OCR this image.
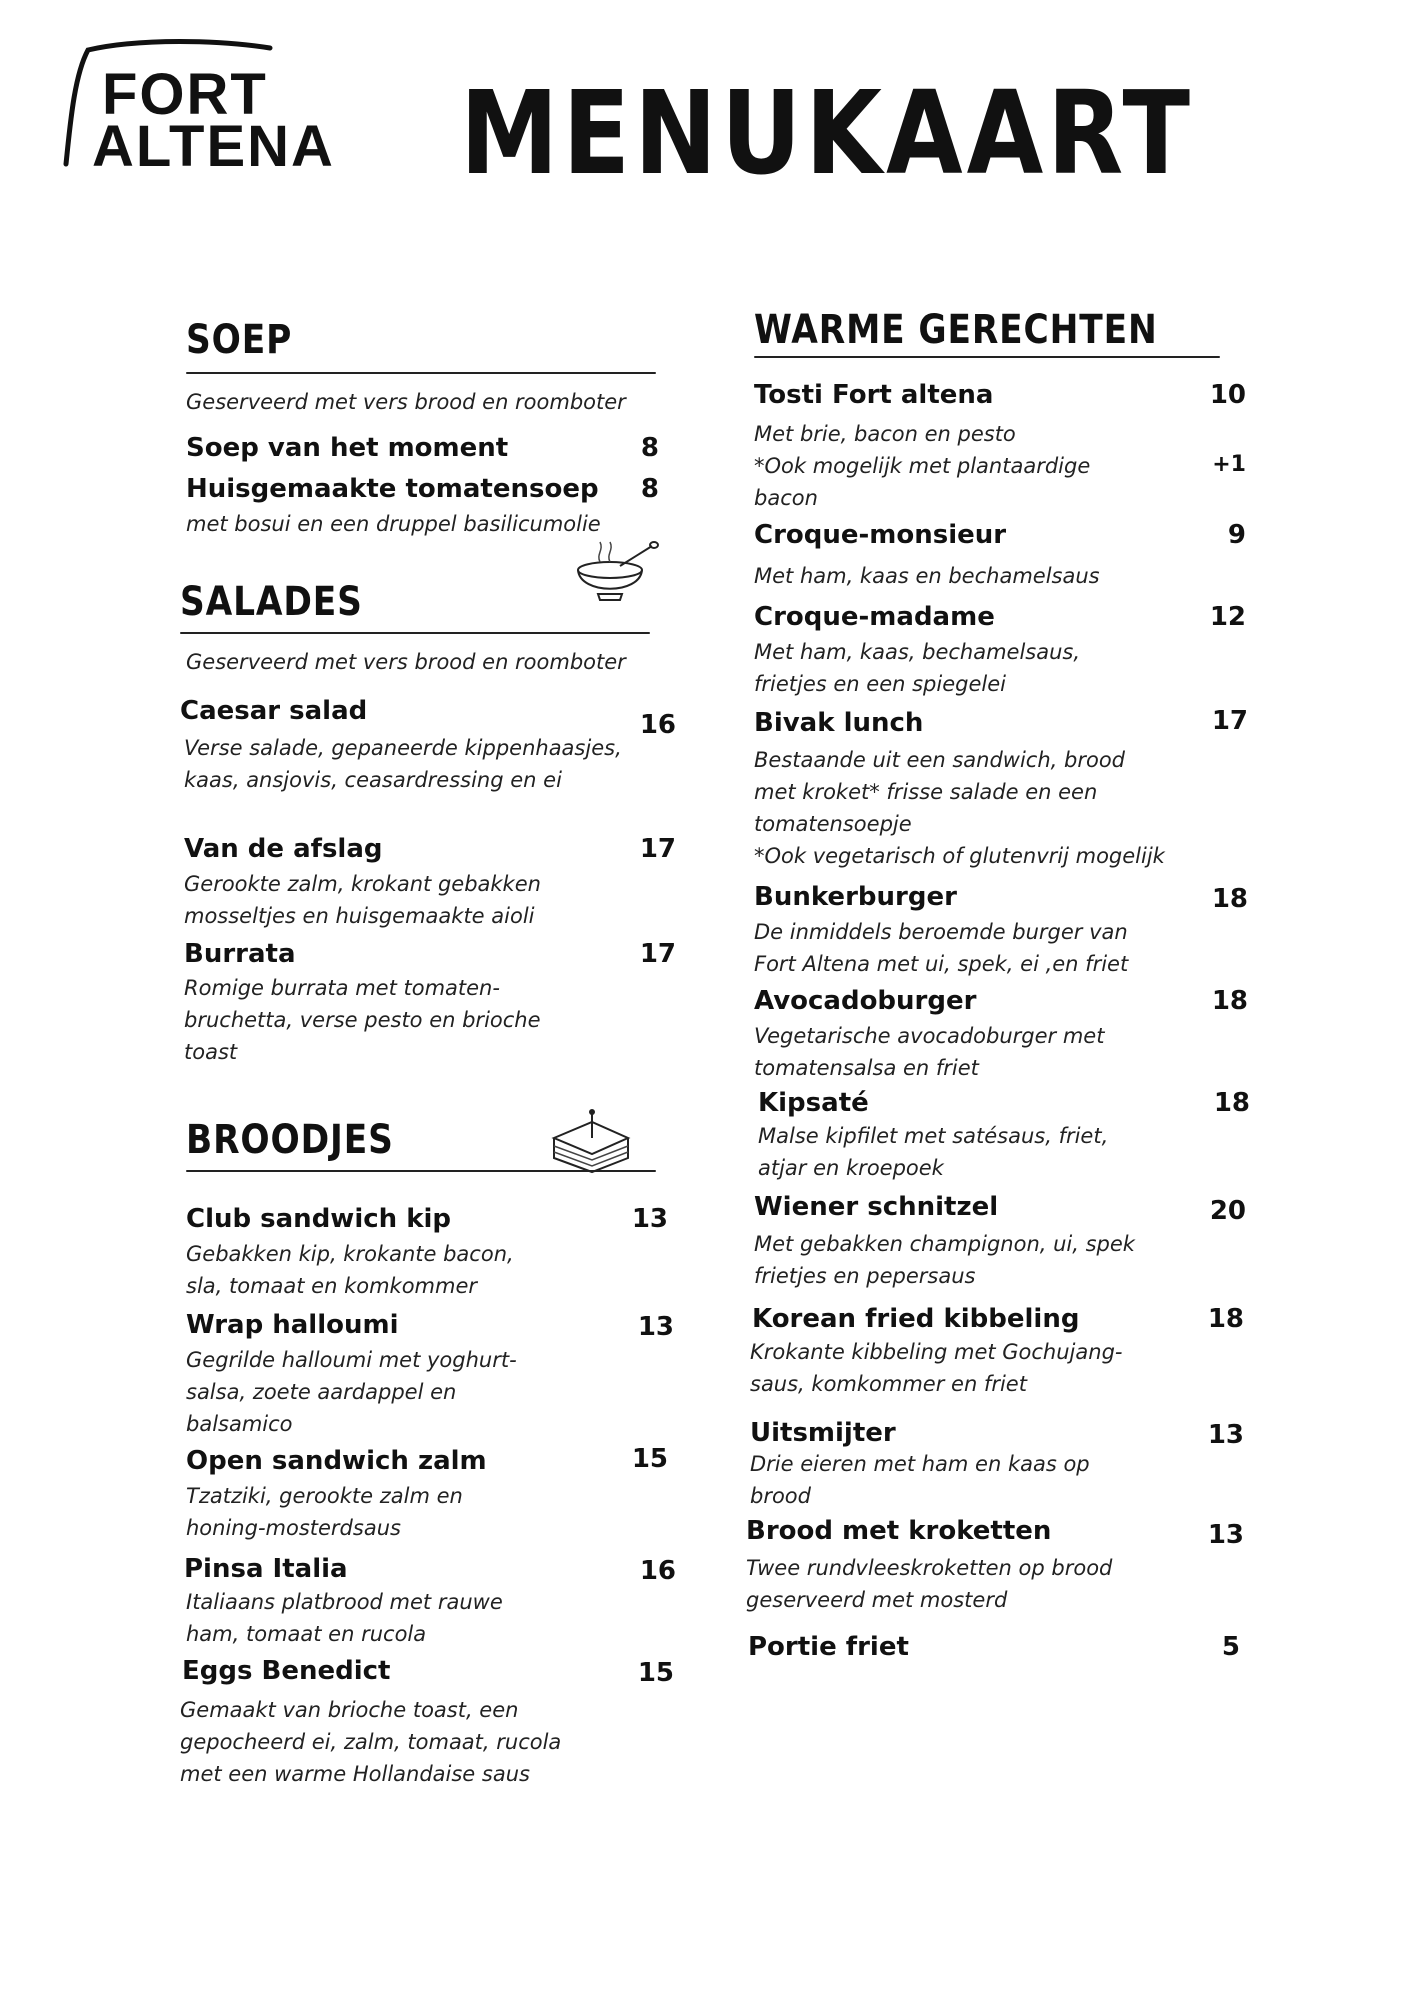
FORT
ALTENA MENUKAART
SOEP
Geserveerd met vers brood en roomboter
Soep van het moment	8
Huisgemaakte tomatensoep	8
met bosui en een druppel basilicumolie
SALADES
Geserveerd met vers brood en roomboter
Caesar salad	16
Verse salade, gepaneerde kippenhaasjes,
kaas, ansjovis, ceasardressing en ei
Van de afslag	17
Gerookte zalm, krokant gebakken
mosseltjes en huisgemaakte aioli
Burrata	17
Romige burrata met tomaten-
bruchetta, verse pesto en brioche
toast
BROODJES
Club sandwich kip	13
Gebakken kip, krokante bacon,
sla, tomaat en komkommer
Wrap halloumi	13
Gegrilde halloumi met yoghurt-
salsa, zoete aardappel en
balsamico
Open sandwich zalm	15
Tzatziki, gerookte zalm en
honing-mosterdsaus
Pinsa Italia	16
Italiaans platbrood met rauwe
ham, tomaat en rucola
Eggs Benedict	15
Gemaakt van brioche toast, een
gepocheerd ei, zalm, tomaat, rucola
met een warme Hollandaise saus
WARME GERECHTEN
Tosti Fort altena	10
Met brie, bacon en pesto
*Ook mogelijk met plantaardige
bacon
+1
Croque-monsieur	9
Met ham, kaas en bechamelsaus
Croque-madame	12
Met ham, kaas, bechamelsaus,
frietjes en een spiegelei
Bivak lunch	17
Bestaande uit een sandwich, brood
met kroket* frisse salade en een
tomatensoepje
*Ook vegetarisch of glutenvrij mogelijk
Bunkerburger	18
De inmiddels beroemde burger van
Fort Altena met ui, spek, ei ,en friet
Avocadoburger	18
Vegetarische avocadoburger met
tomatensalsa en friet
Kipsaté	18
Malse kipfilet met satésaus, friet,
atjar en kroepoek
Wiener schnitzel	20
Met gebakken champignon, ui, spek
frietjes en pepersaus
Korean fried kibbeling	18
Krokante kibbeling met Gochujang-
saus, komkommer en friet
Uitsmijter	13
Drie eieren met ham en kaas op
brood
Brood met kroketten	13
Twee rundvleeskroketten op brood
geserveerd met mosterd
Portie friet	5
